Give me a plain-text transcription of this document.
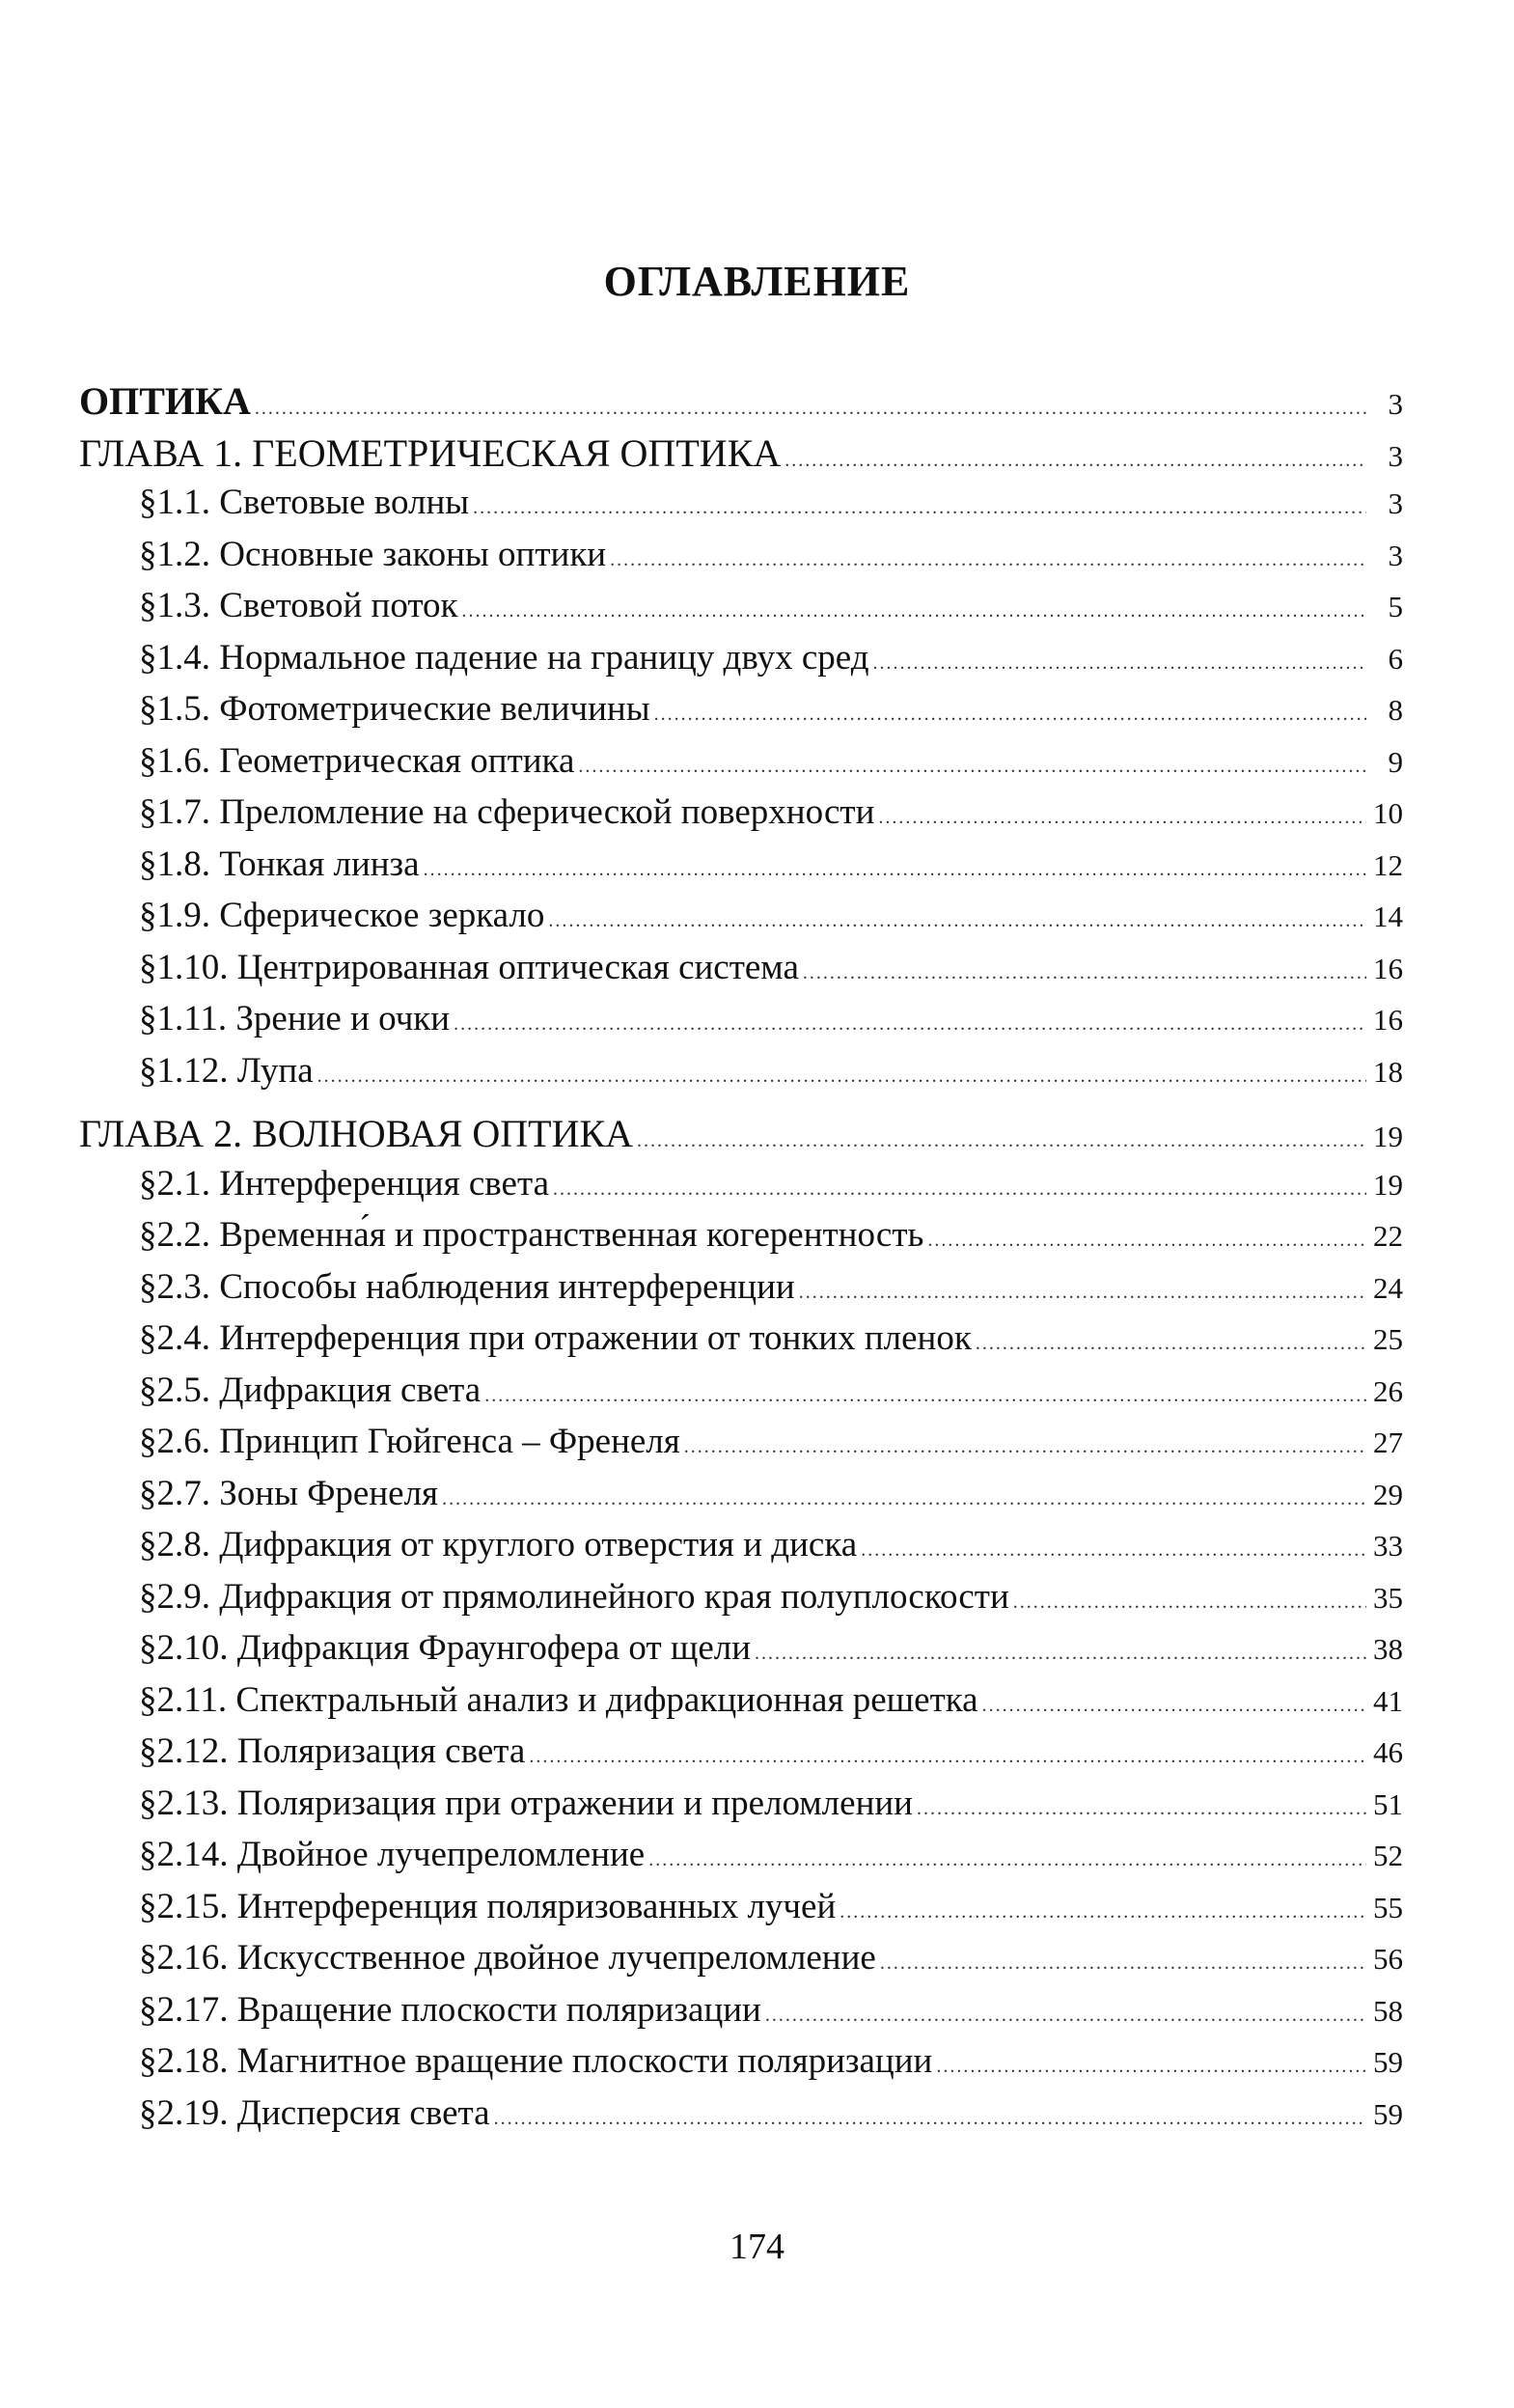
ОГЛАВЛЕНИЕ
ОПТИКА .....	3
ГЛАВА 1. ГЕОМЕТРИЧЕСКАЯ ОПТИКА .....	3
§1.1. Световые волны .....	3
§1.2. Основные законы оптики .....	3
§1.3. Световой поток .....	5
§1.4. Нормальное падение на границу двух сред .....	6
§1.5. Фотометрические величины .....	8
§1.6. Геометрическая оптика .....	9
§1.7. Преломление на сферической поверхности .....	10
§1.8. Тонкая линза .....	12
§1.9. Сферическое зеркало .....	14
§1.10. Центрированная оптическая система .....	16
§1.11. Зрение и очки .....	16
§1.12. Лупа .....	18
ГЛАВА 2. ВОЛНОВАЯ ОПТИКА .....	19
§2.1. Интерференция света .....	19
§2.2. Временна́я и пространственная когерентность .....	22
§2.3. Способы наблюдения интерференции .....	24
§2.4. Интерференция при отражении от тонких пленок .....	25
§2.5. Дифракция света .....	26
§2.6. Принцип Гюйгенса – Френеля .....	27
§2.7. Зоны Френеля .....	29
§2.8. Дифракция от круглого отверстия и диска .....	33
§2.9. Дифракция от прямолинейного края полуплоскости .....	35
§2.10. Дифракция Фраунгофера от щели .....	38
§2.11. Спектральный анализ и дифракционная решетка .....	41
§2.12. Поляризация света .....	46
§2.13. Поляризация при отражении и преломлении .....	51
§2.14. Двойное лучепреломление .....	52
§2.15. Интерференция поляризованных лучей .....	55
§2.16. Искусственное двойное лучепреломление .....	56
§2.17. Вращение плоскости поляризации .....	58
§2.18. Магнитное вращение плоскости поляризации .....	59
§2.19. Дисперсия света .....	59
174
